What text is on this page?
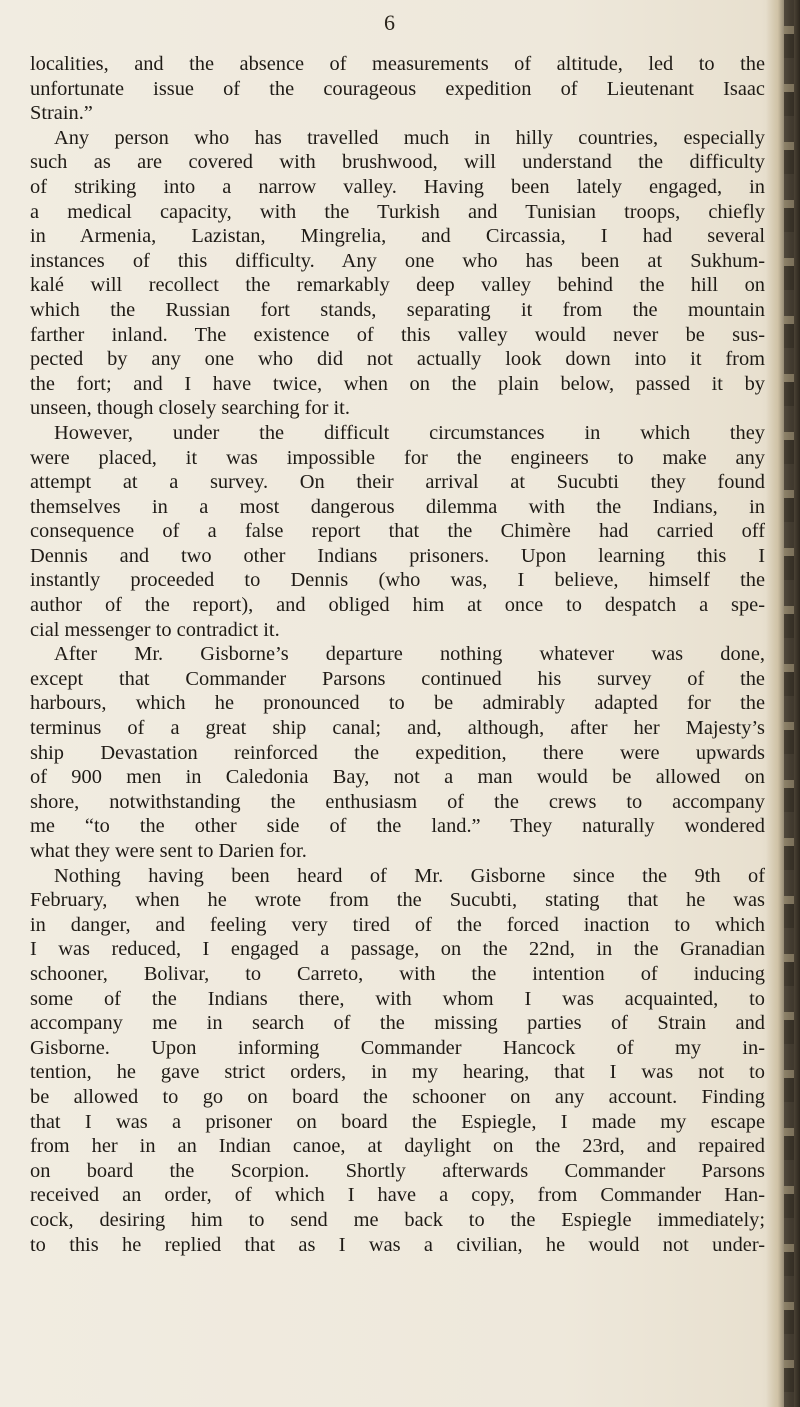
6
localities, and the absence of measurements of altitude, led to the
unfortunate issue of the courageous expedition of Lieutenant Isaac
Strain.”
Any person who has travelled much in hilly countries, especially
such as are covered with brushwood, will understand the difficulty
of striking into a narrow valley. Having been lately engaged, in
a medical capacity, with the Turkish and Tunisian troops, chiefly
in Armenia, Lazistan, Mingrelia, and Circassia, I had several
instances of this difficulty. Any one who has been at Sukhum-
kalé will recollect the remarkably deep valley behind the hill on
which the Russian fort stands, separating it from the mountain
farther inland. The existence of this valley would never be sus-
pected by any one who did not actually look down into it from
the fort; and I have twice, when on the plain below, passed it by
unseen, though closely searching for it.
However, under the difficult circumstances in which they
were placed, it was impossible for the engineers to make any
attempt at a survey. On their arrival at Sucubti they found
themselves in a most dangerous dilemma with the Indians, in
consequence of a false report that the Chimère had carried off
Dennis and two other Indians prisoners. Upon learning this I
instantly proceeded to Dennis (who was, I believe, himself the
author of the report), and obliged him at once to despatch a spe-
cial messenger to contradict it.
After Mr. Gisborne’s departure nothing whatever was done,
except that Commander Parsons continued his survey of the
harbours, which he pronounced to be admirably adapted for the
terminus of a great ship canal; and, although, after her Majesty’s
ship Devastation reinforced the expedition, there were upwards
of 900 men in Caledonia Bay, not a man would be allowed on
shore, notwithstanding the enthusiasm of the crews to accompany
me “to the other side of the land.” They naturally wondered
what they were sent to Darien for.
Nothing having been heard of Mr. Gisborne since the 9th of
February, when he wrote from the Sucubti, stating that he was
in danger, and feeling very tired of the forced inaction to which
I was reduced, I engaged a passage, on the 22nd, in the Granadian
schooner, Bolivar, to Carreto, with the intention of inducing
some of the Indians there, with whom I was acquainted, to
accompany me in search of the missing parties of Strain and
Gisborne. Upon informing Commander Hancock of my in-
tention, he gave strict orders, in my hearing, that I was not to
be allowed to go on board the schooner on any account. Finding
that I was a prisoner on board the Espiegle, I made my escape
from her in an Indian canoe, at daylight on the 23rd, and repaired
on board the Scorpion. Shortly afterwards Commander Parsons
received an order, of which I have a copy, from Commander Han-
cock, desiring him to send me back to the Espiegle immediately;
to this he replied that as I was a civilian, he would not under-
